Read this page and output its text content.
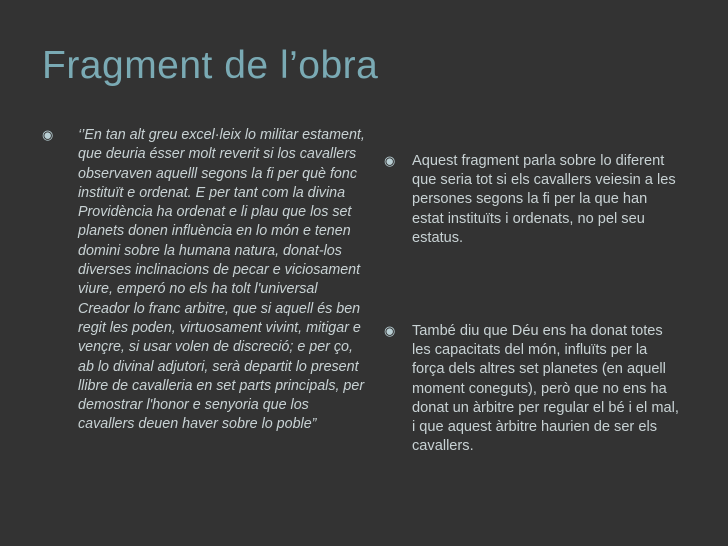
Fragment de l’obra
◉ ‘’En tan alt greu excel·leix lo militar estament, que deuria ésser molt reverit si los cavallers observaven aquelll segons la fi per què fonc instituït e ordenat. E per tant com la divina Providència ha ordenat e li plau que los set planets donen influència en lo món e tenen domini sobre la humana natura, donat-los diverses inclinacions de pecar e viciosament viure, emperó no els ha tolt l'universal Creador lo franc arbitre, que si aquell és ben regit les poden, virtuosament vivint, mitigar e vençre, si usar volen de discreció; e per ço, ab lo divinal adjutori, serà departit lo present llibre de cavalleria en set parts principals, per demostrar l'honor e senyoria que los cavallers deuen haver sobre lo poble”
◉ Aquest fragment parla sobre lo diferent que seria tot si els cavallers veiesin a les persones segons la fi per la que han estat instituïts i ordenats, no pel seu estatus.
◉ També diu que Déu ens ha donat totes les capacitats del món, influïts per la força dels altres set planetes (en aquell moment coneguts), però que no ens ha donat un àrbitre per regular el bé i el mal, i que aquest àrbitre haurien de ser els cavallers.
